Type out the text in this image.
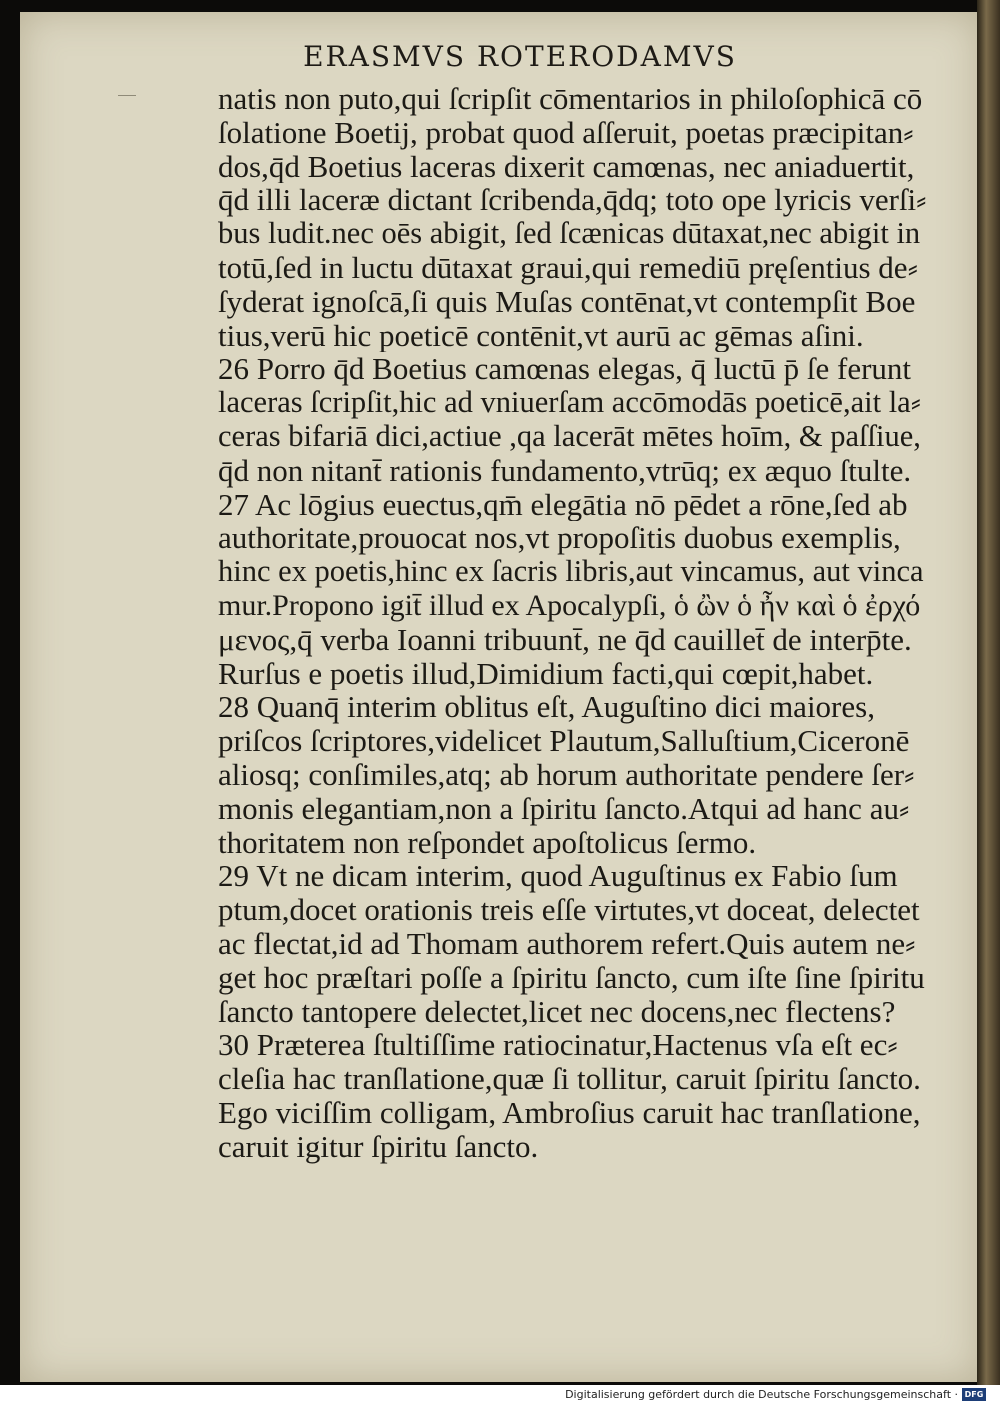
ERASMVS ROTERODAMVS
natis non puto,qui ſcripſit cōmentarios in philoſophicā cō
ſolatione Boetij, probat quod aſſeruit, poetas præcipitan⸗
dos,q̄d Boetius laceras dixerit camœnas, nec aniaduertit,
q̄d illi laceræ dictant ſcribenda,q̄dq; toto ope lyricis verſi⸗
bus ludit.nec oēs abigit, ſed ſcænicas dūtaxat,nec abigit in
totū,ſed in luctu dūtaxat graui,qui remediū pręſentius de⸗
ſyderat ignoſcā,ſi quis Muſas contēnat,vt contempſit Boe
tius,verū hic poeticē contēnit,vt aurū ac gēmas aſini.
26 Porro q̄d Boetius camœnas elegas, q̄ luctū p̄ ſe ferunt
laceras ſcripſit,hic ad vniuerſam accōmodās poeticē,ait la⸗
ceras bifariā dici,actiue ,qa lacerāt mētes hoīm, & paſſiue,
q̄d non nitant̄ rationis fundamento,vtrūq; ex æquo ſtulte.
27 Ac lōgius euectus,qm̄ elegātia nō pēdet a rōne,ſed ab
authoritate,prouocat nos,vt propoſitis duobus exemplis,
hinc ex poetis,hinc ex ſacris libris,aut vincamus, aut vinca
mur.Propono igit̄ illud ex Apocalypſi, ὁ ὢν ὁ ἦν καὶ ὁ ἐρχό
μενος,q̄ verba Ioanni tribuunt̄, ne q̄d cauillet̄ de interp̄te.
Rurſus e poetis illud,Dimidium facti,qui cœpit,habet.
28 Quanq̄ interim oblitus eſt, Auguſtino dici maiores,
priſcos ſcriptores,videlicet Plautum,Salluſtium,Ciceronē
aliosq; conſimiles,atq; ab horum authoritate pendere ſer⸗
monis elegantiam,non a ſpiritu ſancto.Atqui ad hanc au⸗
thoritatem non reſpondet apoſtolicus ſermo.
29 Vt ne dicam interim, quod Auguſtinus ex Fabio ſum
ptum,docet orationis treis eſſe virtutes,vt doceat, delectet
ac flectat,id ad Thomam authorem refert.Quis autem ne⸗
get hoc præſtari poſſe a ſpiritu ſancto, cum iſte ſine ſpiritu
ſancto tantopere delectet,licet nec docens,nec flectens?
30 Præterea ſtultiſſime ratiocinatur,Hactenus vſa eſt ec⸗
cleſia hac tranſlatione,quæ ſi tollitur, caruit ſpiritu ſancto.
Ego viciſſim colligam, Ambroſius caruit hac tranſlatione,
caruit igitur ſpiritu ſancto.
Digitalisierung gefördert durch die Deutsche Forschungsgemeinschaft · DFG
